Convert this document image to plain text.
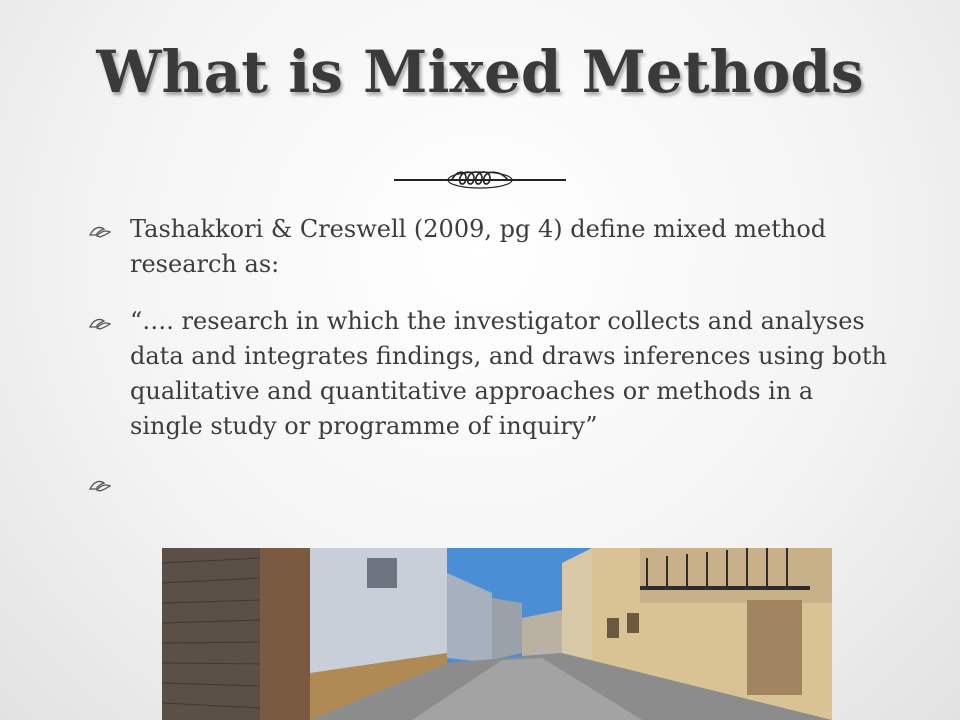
What is Mixed Methods
Tashakkori & Creswell (2009, pg 4) define mixed method research as:
“…. research in which the investigator collects and analyses data and integrates findings, and draws inferences using both qualitative and quantitative approaches or methods in a single study or programme of inquiry”
